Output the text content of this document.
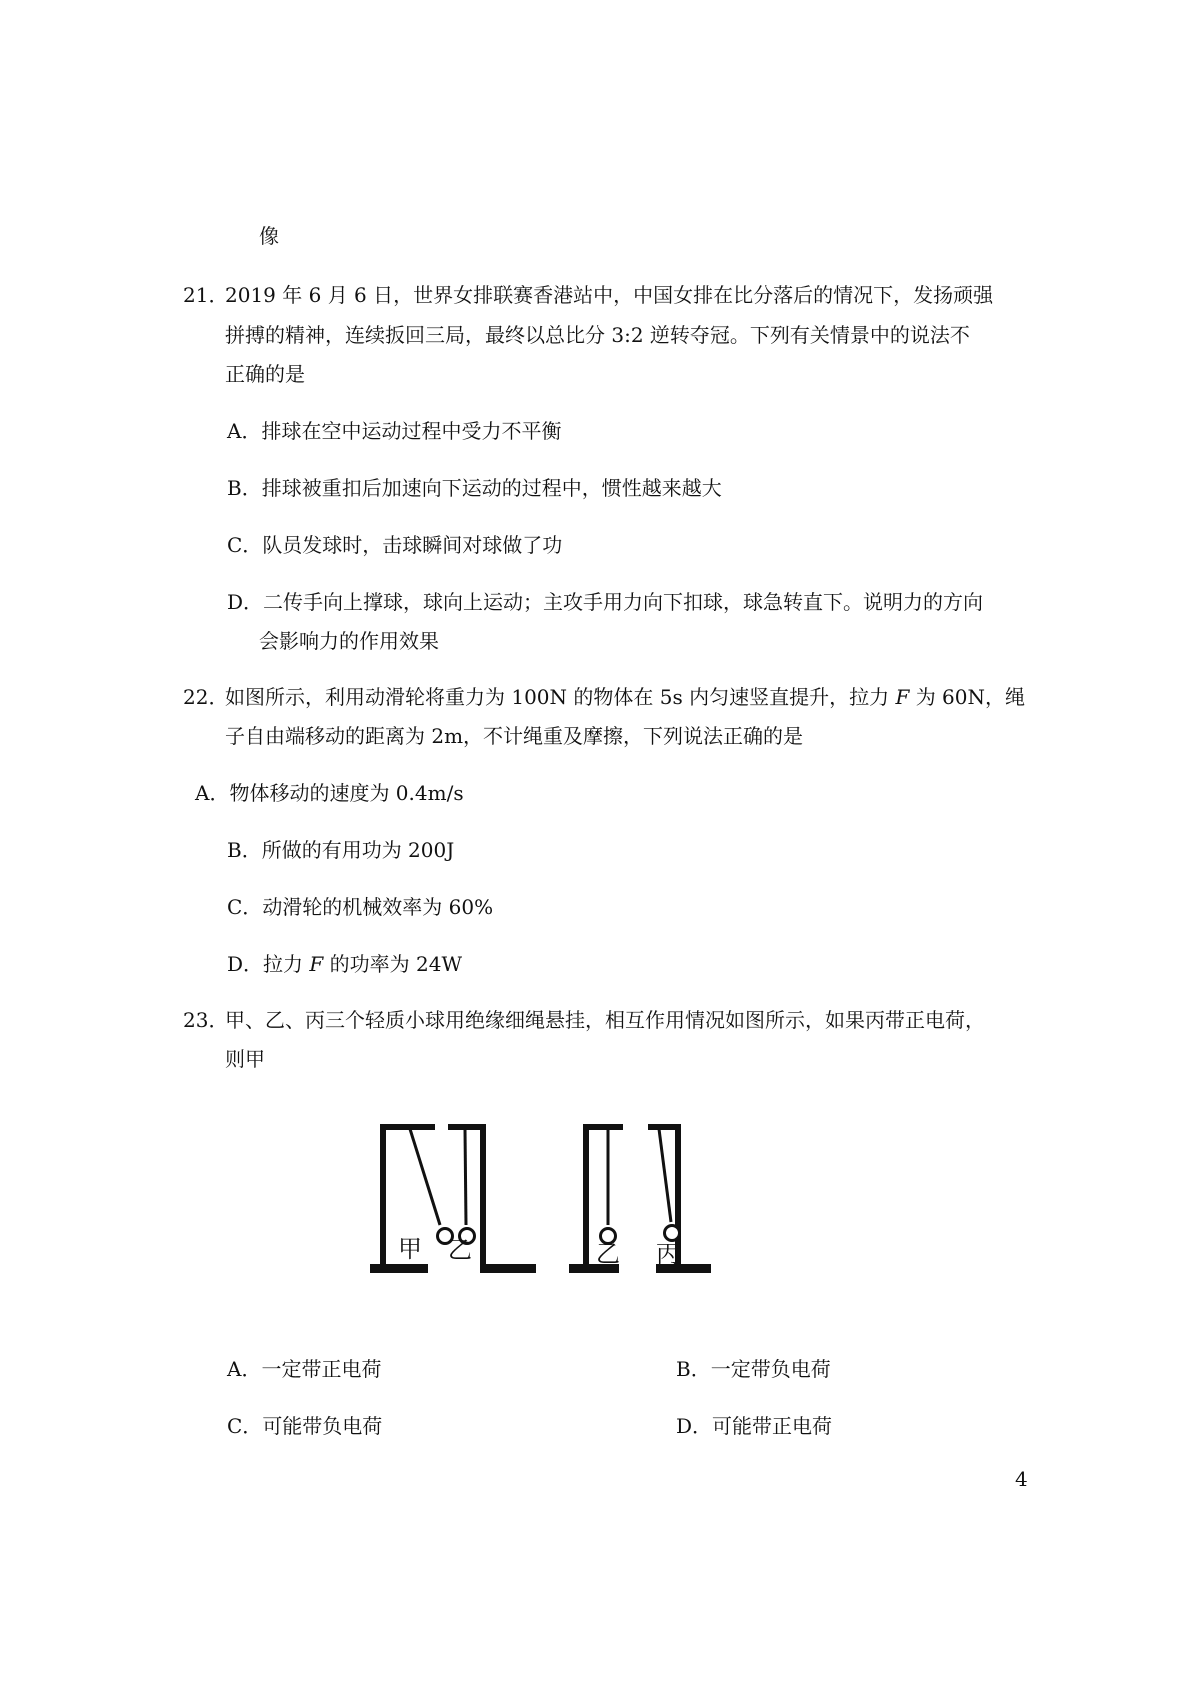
像
21．
2019 年 6 月 6 日，世界女排联赛香港站中，中国女排在比分落后的情况下，发扬顽强
拼搏的精神，连续扳回三局，最终以总比分 3:2 逆转夺冠。下列有关情景中的说法不
正确的是
A．排球在空中运动过程中受力不平衡
B．排球被重扣后加速向下运动的过程中，惯性越来越大
C．队员发球时，击球瞬间对球做了功
D．二传手向上撑球，球向上运动；主攻手用力向下扣球，球急转直下。说明力的方向
会影响力的作用效果
22．
如图所示，利用动滑轮将重力为 100N 的物体在 5s 内匀速竖直提升，拉力 F 为 60N，绳
子自由端移动的距离为 2m，不计绳重及摩擦，下列说法正确的是
A．物体移动的速度为 0.4m/s
B．所做的有用功为 200J
C．动滑轮的机械效率为 60%
D．拉力 F 的功率为 24W
23．
甲、乙、丙三个轻质小球用绝缘细绳悬挂，相互作用情况如图所示，如果丙带正电荷，
则甲
甲 乙	乙 丙
A．一定带正电荷	B．一定带负电荷
C．可能带负电荷	D．可能带正电荷
4
